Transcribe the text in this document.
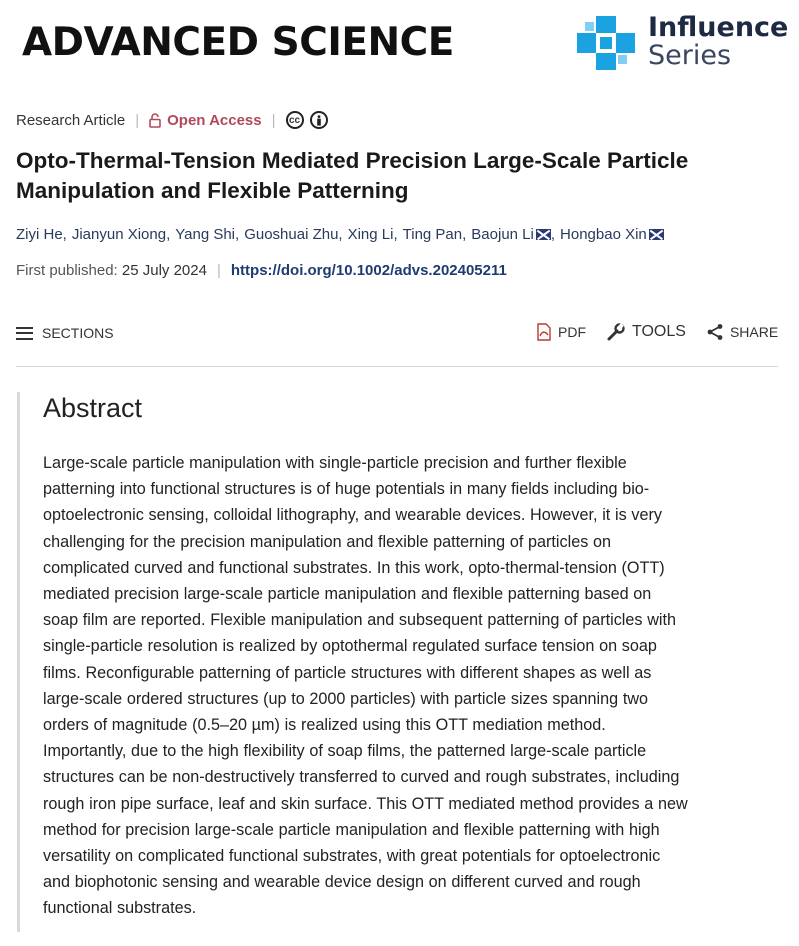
ADVANCED SCIENCE	Influence
Series
Research Article | Open Access |	cc
Opto-Thermal-Tension Mediated Precision Large-Scale Particle Manipulation and Flexible Patterning
Ziyi He , Jianyun Xiong , Yang Shi , Guoshuai Zhu , Xing Li , Ting Pan , Baojun Li , Hongbao Xin
First published:
25 July 2024 | https://doi.org/10.1002/advs.202405211
SECTIONS	PDF	TOOLS	SHARE
Abstract
Large-scale particle manipulation with single-particle precision and further flexible
patterning into functional structures is of huge potentials in many fields including bio-
optoelectronic sensing, colloidal lithography, and wearable devices. However, it is very
challenging for the precision manipulation and flexible patterning of particles on
complicated curved and functional substrates. In this work, opto-thermal-tension (OTT)
mediated precision large-scale particle manipulation and flexible patterning based on
soap film are reported. Flexible manipulation and subsequent patterning of particles with
single-particle resolution is realized by optothermal regulated surface tension on soap
films. Reconfigurable patterning of particle structures with different shapes as well as
large-scale ordered structures (up to 2000 particles) with particle sizes spanning two
orders of magnitude (0.5–20 µm) is realized using this OTT mediation method.
Importantly, due to the high flexibility of soap films, the patterned large-scale particle
structures can be non-destructively transferred to curved and rough substrates, including
rough iron pipe surface, leaf and skin surface. This OTT mediated method provides a new
method for precision large-scale particle manipulation and flexible patterning with high
versatility on complicated functional substrates, with great potentials for optoelectronic
and biophotonic sensing and wearable device design on different curved and rough
functional substrates.
